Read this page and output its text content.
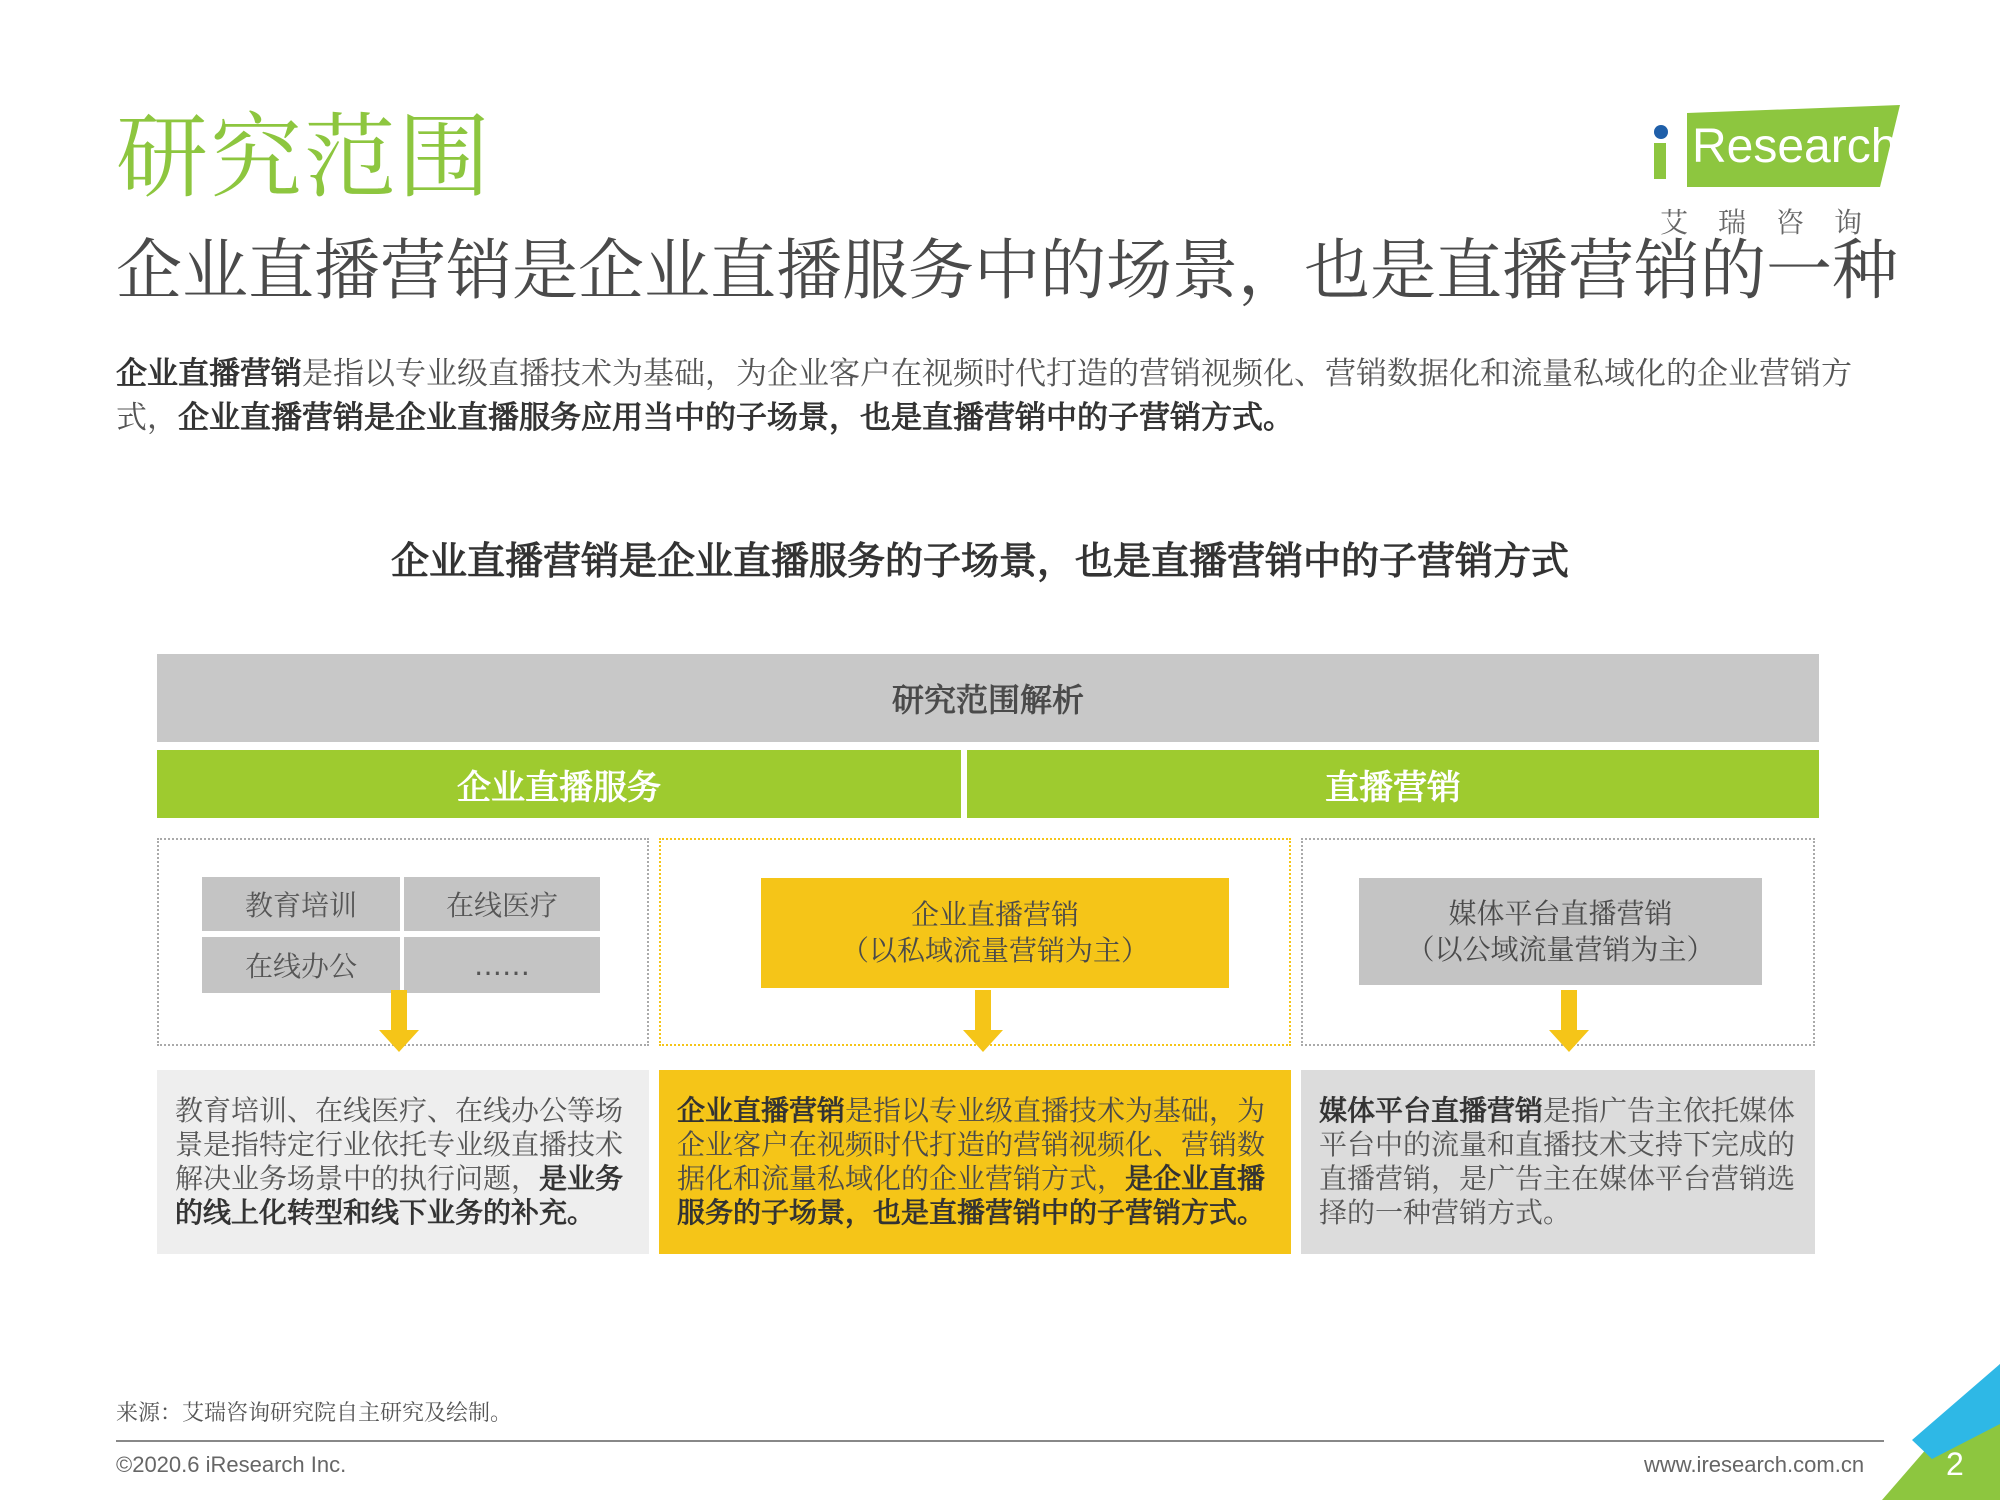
研究范围
企业直播营销是企业直播服务中的场景，也是直播营销的一种
Research
艾瑞咨询
企业直播营销是指以专业级直播技术为基础，为企业客户在视频时代打造的营销视频化、营销数据化和流量私域化的企业营销方式，企业直播营销是企业直播服务应用当中的子场景，也是直播营销中的子营销方式。
企业直播营销是企业直播服务的子场景，也是直播营销中的子营销方式
研究范围解析
企业直播服务	直播营销
教育培训	在线医疗
在线办公	……
企业直播营销
（以私域流量营销为主）
媒体平台直播营销
（以公域流量营销为主）
教育培训、在线医疗、在线办公等场景是指特定行业依托专业级直播技术解决业务场景中的执行问题，是业务的线上化转型和线下业务的补充。
企业直播营销是指以专业级直播技术为基础，为企业客户在视频时代打造的营销视频化、营销数据化和流量私域化的企业营销方式，是企业直播服务的子场景，也是直播营销中的子营销方式。
媒体平台直播营销是指广告主依托媒体平台中的流量和直播技术支持下完成的直播营销，是广告主在媒体平台营销选择的一种营销方式。
来源：艾瑞咨询研究院自主研究及绘制。
©2020.6 iResearch Inc.	www.iresearch.com.cn	2
